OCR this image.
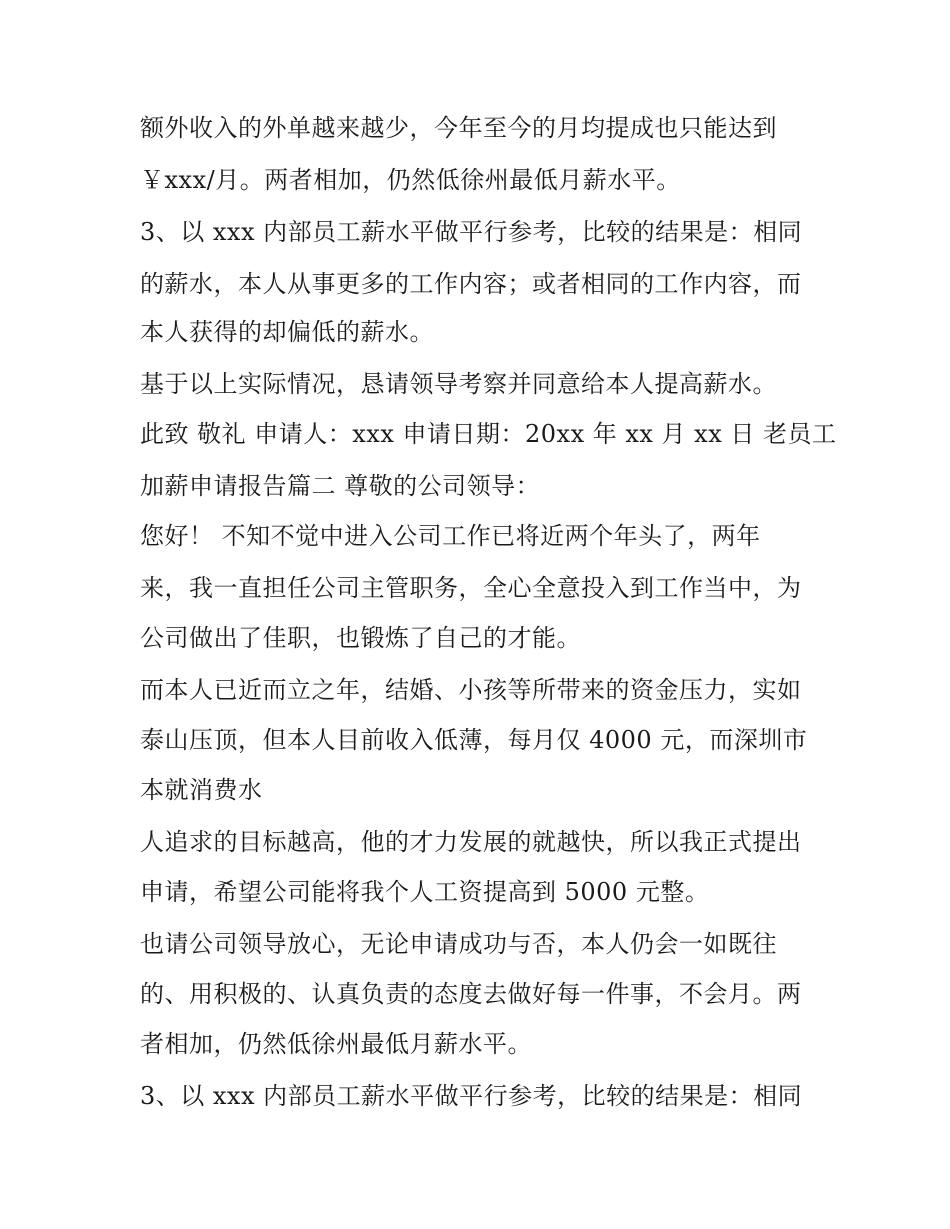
额外收入的外单越来越少，今年至今的月均提成也只能达到
￥xxx/月。两者相加，仍然低徐州最低月薪水平。
3、以 xxx 内部员工薪水平做平行参考，比较的结果是：相同
的薪水，本人从事更多的工作内容；或者相同的工作内容，而
本人获得的却偏低的薪水。
基于以上实际情况，恳请领导考察并同意给本人提高薪水。
此致 敬礼 申请人：xxx 申请日期：20xx 年 xx 月 xx 日 老员工
加薪申请报告篇二 尊敬的公司领导：
您好！ 不知不觉中进入公司工作已将近两个年头了，两年
来，我一直担任公司主管职务，全心全意投入到工作当中，为
公司做出了佳职，也锻炼了自己的才能。
而本人已近而立之年，结婚、小孩等所带来的资金压力，实如
泰山压顶，但本人目前收入低薄，每月仅 4000 元，而深圳市
本就消费水
人追求的目标越高，他的才力发展的就越快，所以我正式提出
申请，希望公司能将我个人工资提高到 5000 元整。
也请公司领导放心，无论申请成功与否，本人仍会一如既往
的、用积极的、认真负责的态度去做好每一件事，不会月。两
者相加，仍然低徐州最低月薪水平。
3、以 xxx 内部员工薪水平做平行参考，比较的结果是：相同
